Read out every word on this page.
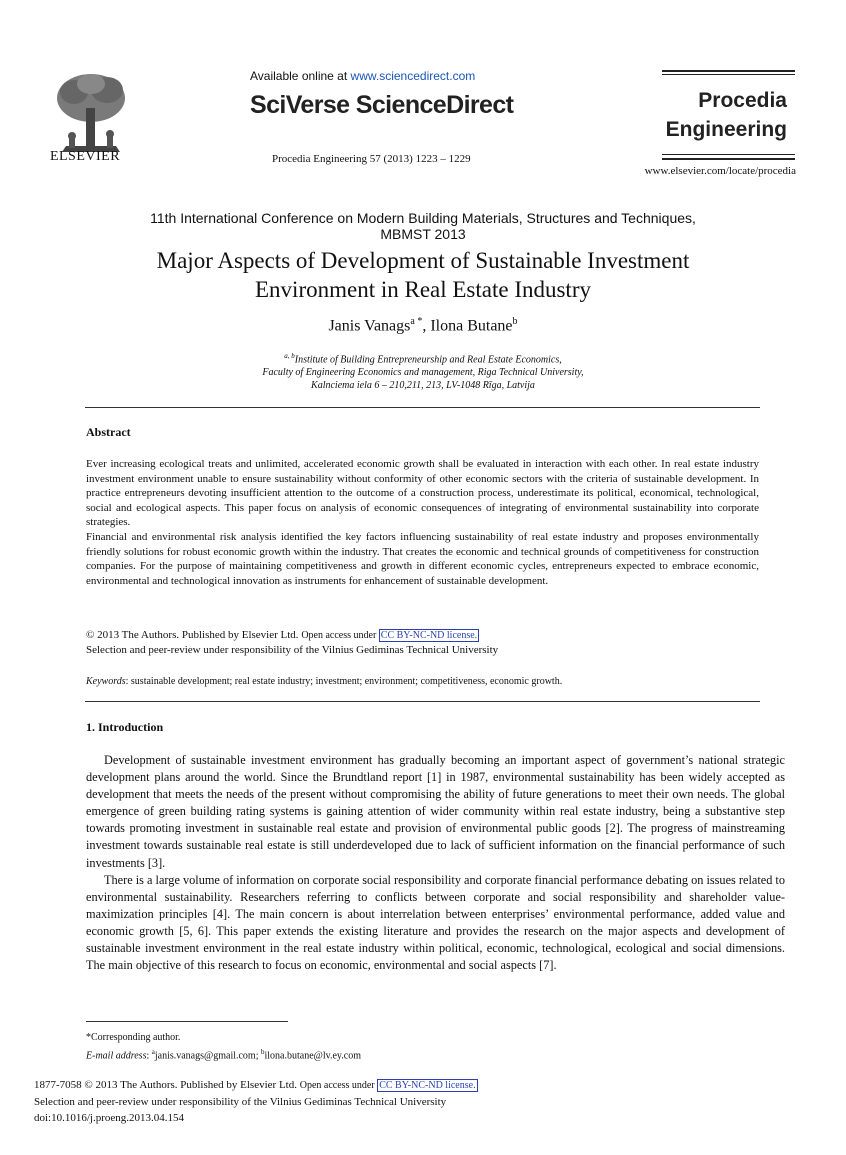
ELSEVIER
Available online at www.sciencedirect.com
SciVerse ScienceDirect
Procedia Engineering 57 (2013) 1223 – 1229
Procedia
Engineering
www.elsevier.com/locate/procedia
11th International Conference on Modern Building Materials, Structures and Techniques,
MBMST 2013
Major Aspects of Development of Sustainable Investment
Environment in Real Estate Industry
Janis Vanags$^{a *}$, Ilona Butane$^b$
$^{a, b}$Institute of Building Entrepreneurship and Real Estate Economics,
Faculty of Engineering Economics and management, Riga Technical University,
Kalnciema iela 6 – 210,211, 213, LV-1048 Rīga, Latvija
Abstract

Ever increasing ecological treats and unlimited, accelerated economic growth shall be evaluated in interaction with each other. In real estate industry investment environment unable to ensure sustainability without conformity of other economic sectors with the criteria of sustainable development. In practice entrepreneurs devoting insufficient attention to the outcome of a construction process, underestimate its political, economical, technological, social and ecological aspects. This paper focus on analysis of economic consequences of integrating of environmental sustainability into corporate strategies.

Financial and environmental risk analysis identified the key factors influencing sustainability of real estate industry and proposes environmentally friendly solutions for robust economic growth within the industry. That creates the economic and technical grounds of competitiveness for construction companies. For the purpose of maintaining competitiveness and growth in different economic cycles, entrepreneurs expected to embrace economic, environmental and technological innovation as instruments for enhancement of sustainable development.

© 2013 The Authors. Published by Elsevier Ltd. Open access under CC BY-NC-ND license.
Selection and peer-review under responsibility of the Vilnius Gediminas Technical University
Keywords: sustainable development; real estate industry; investment; environment; competitiveness, economic growth.
1. Introduction

Development of sustainable investment environment has gradually becoming an important aspect of government’s national strategic development plans around the world. Since the Brundtland report [1] in 1987, environmental sustainability has been widely accepted as development that meets the needs of the present without compromising the ability of future generations to meet their own needs. The global emergence of green building rating systems is gaining attention of wider community within real estate industry, being a substantive step towards promoting investment in sustainable real estate and provision of environmental public goods [2]. The progress of mainstreaming investment towards sustainable real estate is still underdeveloped due to lack of sufficient information on the financial performance of such investments [3].

There is a large volume of information on corporate social responsibility and corporate financial performance debating on issues related to environmental sustainability. Researchers referring to conflicts between corporate and social responsibility and shareholder value-maximization principles [4]. The main concern is about interrelation between enterprises’ environmental performance, added value and economic growth [5, 6]. This paper extends the existing literature and provides the research on the major aspects and development of sustainable investment environment in the real estate industry within political, economic, technological, ecological and social dimensions. The main objective of this research to focus on economic, environmental and social aspects [7].

*Corresponding author.
E-mail address: $^a$janis.vanags@gmail.com; $^b$ilona.butane@lv.ey.com
1877-7058 © 2013 The Authors. Published by Elsevier Ltd. Open access under CC BY-NC-ND license.
Selection and peer-review under responsibility of the Vilnius Gediminas Technical University
doi:10.1016/j.proeng.2013.04.154
